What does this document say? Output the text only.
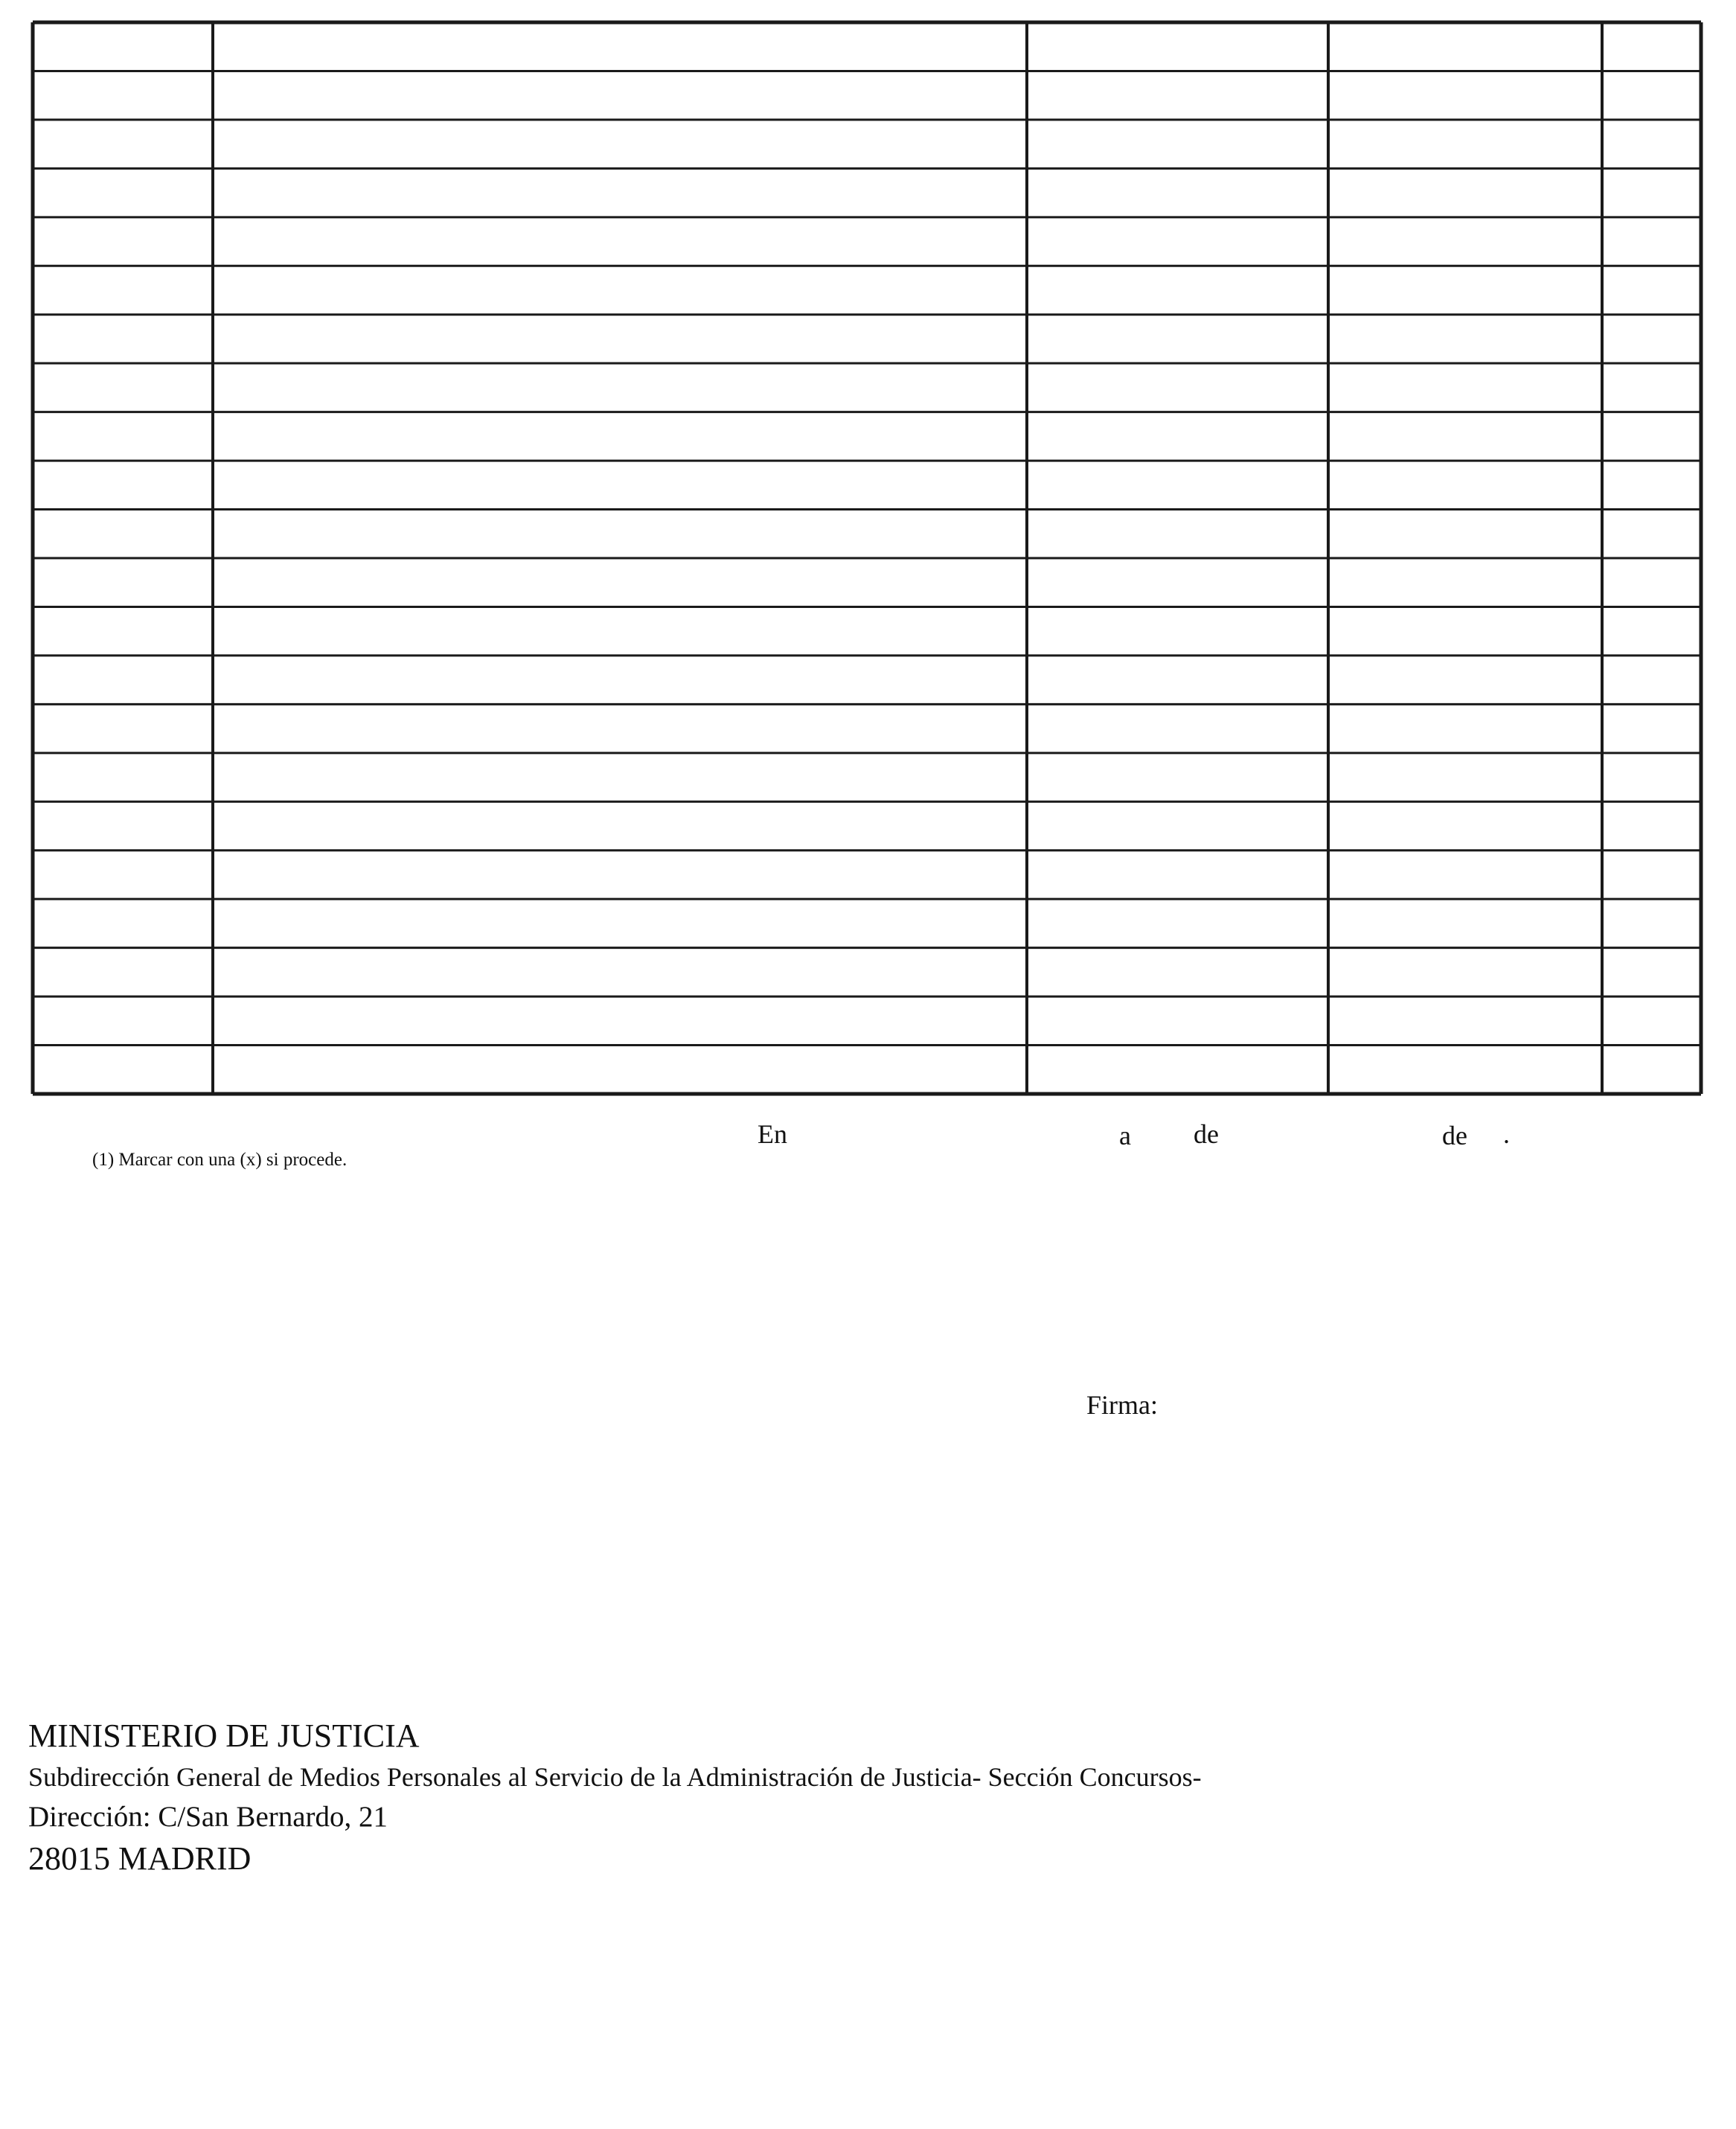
(1) Marcar con una (x) si procede.
En	a de	de .
Firma:
MINISTERIO DE JUSTICIA
Subdirección General de Medios Personales al Servicio de la Administración de Justicia- Sección Concursos-
Dirección: C/San Bernardo, 21
28015 MADRID
